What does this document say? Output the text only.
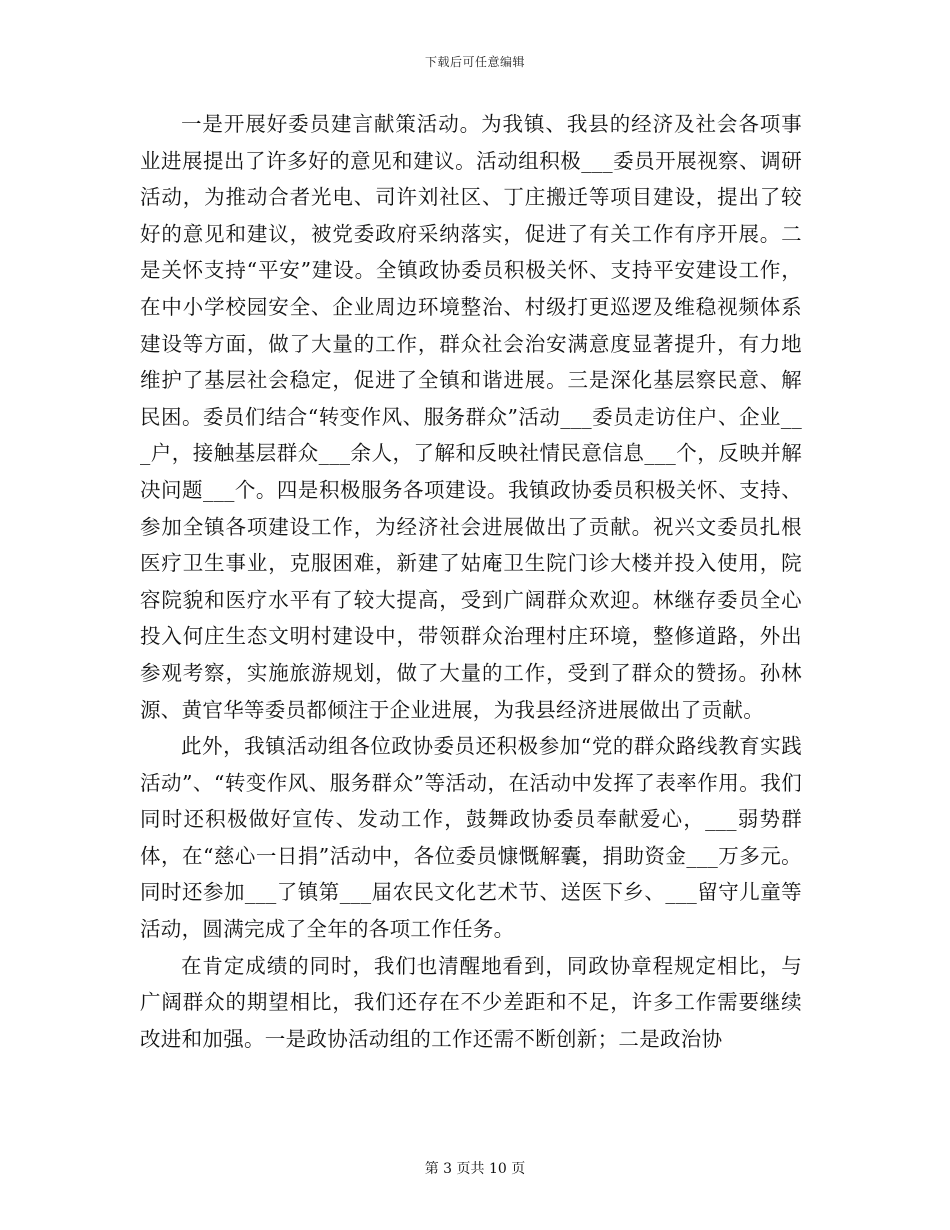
下载后可任意编辑

一是开展好委员建言献策活动。为我镇、我县的经济及社会各项事业进展提出了许多好的意见和建议。活动组积极___委员开展视察、调研活动，为推动合者光电、司许刘社区、丁庄搬迁等项目建设，提出了较好的意见和建议，被党委政府采纳落实，促进了有关工作有序开展。二是关怀支持“平安”建设。全镇政协委员积极关怀、支持平安建设工作，在中小学校园安全、企业周边环境整治、村级打更巡逻及维稳视频体系建设等方面，做了大量的工作，群众社会治安满意度显著提升，有力地维护了基层社会稳定，促进了全镇和谐进展。三是深化基层察民意、解民困。委员们结合“转变作风、服务群众”活动___委员走访住户、企业___户，接触基层群众___余人，了解和反映社情民意信息___个，反映并解决问题___个。四是积极服务各项建设。我镇政协委员积极关怀、支持、参加全镇各项建设工作，为经济社会进展做出了贡献。祝兴文委员扎根医疗卫生事业，克服困难，新建了姑庵卫生院门诊大楼并投入使用，院容院貌和医疗水平有了较大提高，受到广阔群众欢迎。林继存委员全心投入何庄生态文明村建设中，带领群众治理村庄环境，整修道路，外出参观考察，实施旅游规划，做了大量的工作，受到了群众的赞扬。孙林源、黄官华等委员都倾注于企业进展，为我县经济进展做出了贡献。

此外，我镇活动组各位政协委员还积极参加“党的群众路线教育实践活动”、“转变作风、服务群众”等活动，在活动中发挥了表率作用。我们同时还积极做好宣传、发动工作，鼓舞政协委员奉献爱心，___弱势群体，在“慈心一日捐”活动中，各位委员慷慨解囊，捐助资金___万多元。同时还参加___了镇第___届农民文化艺术节、送医下乡、___留守儿童等活动，圆满完成了全年的各项工作任务。

在肯定成绩的同时，我们也清醒地看到，同政协章程规定相比，与广阔群众的期望相比，我们还存在不少差距和不足，许多工作需要继续改进和加强。一是政协活动组的工作还需不断创新；二是政治协

第 3 页共 10 页
